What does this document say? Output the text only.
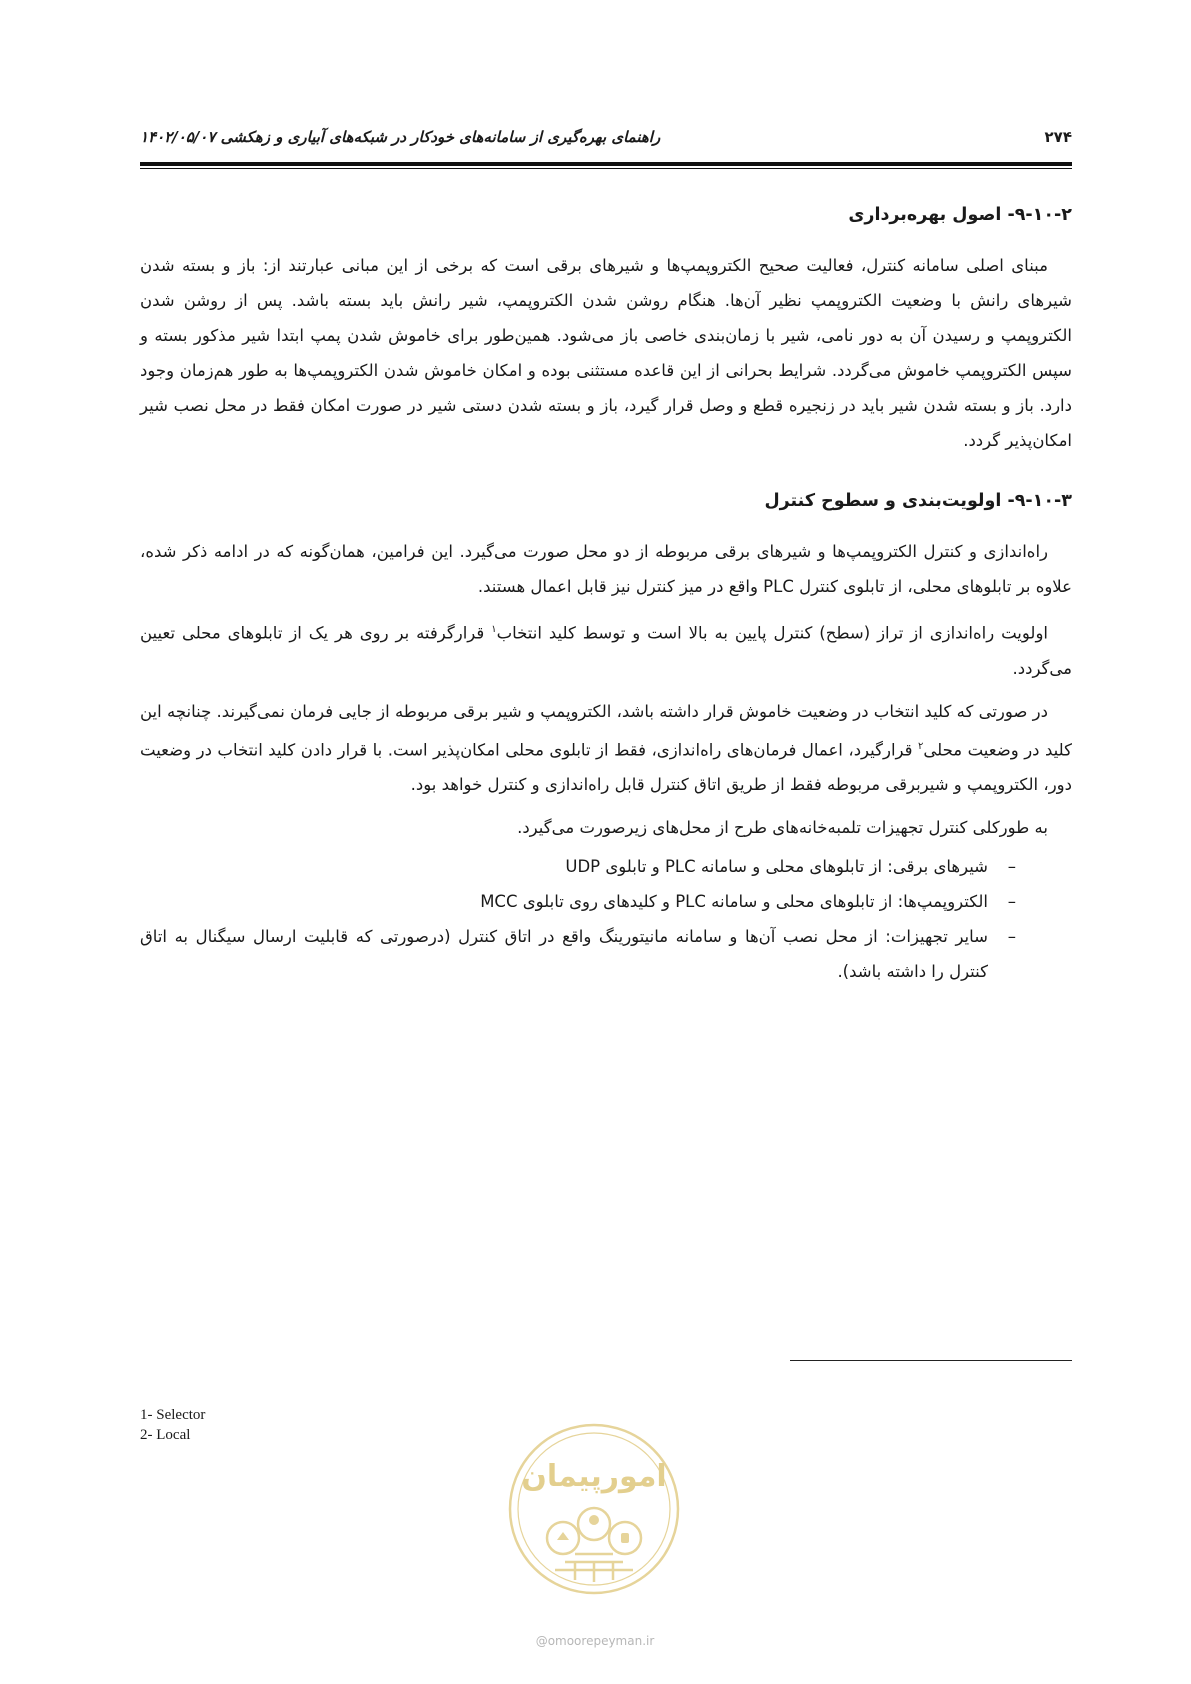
۲۷۴
راهنمای بهره‌گیری از سامانه‌های خودکار در شبکه‌های آبیاری و زهکشی ۱۴۰۲/۰۵/۰۷
۹-۱۰-۲- اصول بهره‌برداری

مبنای اصلی سامانه کنترل، فعالیت صحیح الکتروپمپ‌ها و شیرهای برقی است که برخی از این مبانی عبارتند از: باز و بسته شدن شیرهای رانش با وضعیت الکتروپمپ نظیر آن‌ها. هنگام روشن شدن الکتروپمپ، شیر رانش باید بسته باشد. پس از روشن شدن الکتروپمپ و رسیدن آن به دور نامی، شیر با زمان‌بندی خاصی باز می‌شود. همین‌طور برای خاموش شدن پمپ ابتدا شیر مذکور بسته و سپس الکتروپمپ خاموش می‌گردد. شرایط بحرانی از این قاعده مستثنی بوده و امکان خاموش شدن الکتروپمپ‌ها به طور هم‌زمان وجود دارد. باز و بسته شدن شیر باید در زنجیره قطع و وصل قرار گیرد، باز و بسته شدن دستی شیر در صورت امکان فقط در محل نصب شیر امکان‌پذیر گردد.

۹-۱۰-۳- اولویت‌بندی و سطوح کنترل

راه‌اندازی و کنترل الکتروپمپ‌ها و شیرهای برقی مربوطه از دو محل صورت می‌گیرد. این فرامین، همان‌گونه که در ادامه ذکر شده، علاوه بر تابلوهای محلی، از تابلوی کنترل PLC واقع در میز کنترل نیز قابل اعمال هستند.

اولویت راه‌اندازی از تراز (سطح) کنترل پایین به بالا است و توسط کلید انتخاب$^۱$ قرارگرفته بر روی هر یک از تابلوهای محلی تعیین می‌گردد.

در صورتی که کلید انتخاب در وضعیت خاموش قرار داشته باشد، الکتروپمپ و شیر برقی مربوطه از جایی فرمان نمی‌گیرند. چنانچه این کلید در وضعیت محلی$^۲$ قرارگیرد، اعمال فرمان‌های راه‌اندازی، فقط از تابلوی محلی امکان‌پذیر است. با قرار دادن کلید انتخاب در وضعیت دور، الکتروپمپ و شیربرقی مربوطه فقط از طریق اتاق کنترل قابل راه‌اندازی و کنترل خواهد بود.

به طورکلی کنترل تجهیزات تلمبه‌خانه‌های طرح از محل‌های زیرصورت می‌گیرد.

–
شیرهای برقی: از تابلوهای محلی و سامانه PLC و تابلوی UDP
–
الکتروپمپ‌ها: از تابلوهای محلی و سامانه PLC و کلیدهای روی تابلوی MCC
–
سایر تجهیزات: از محل نصب آن‌ها و سامانه مانیتورینگ واقع در اتاق کنترل (درصورتی که قابلیت ارسال سیگنال به اتاق کنترل را داشته باشد).
1- Selector
2- Local
امورپیمان
@omoorepeyman.ir
